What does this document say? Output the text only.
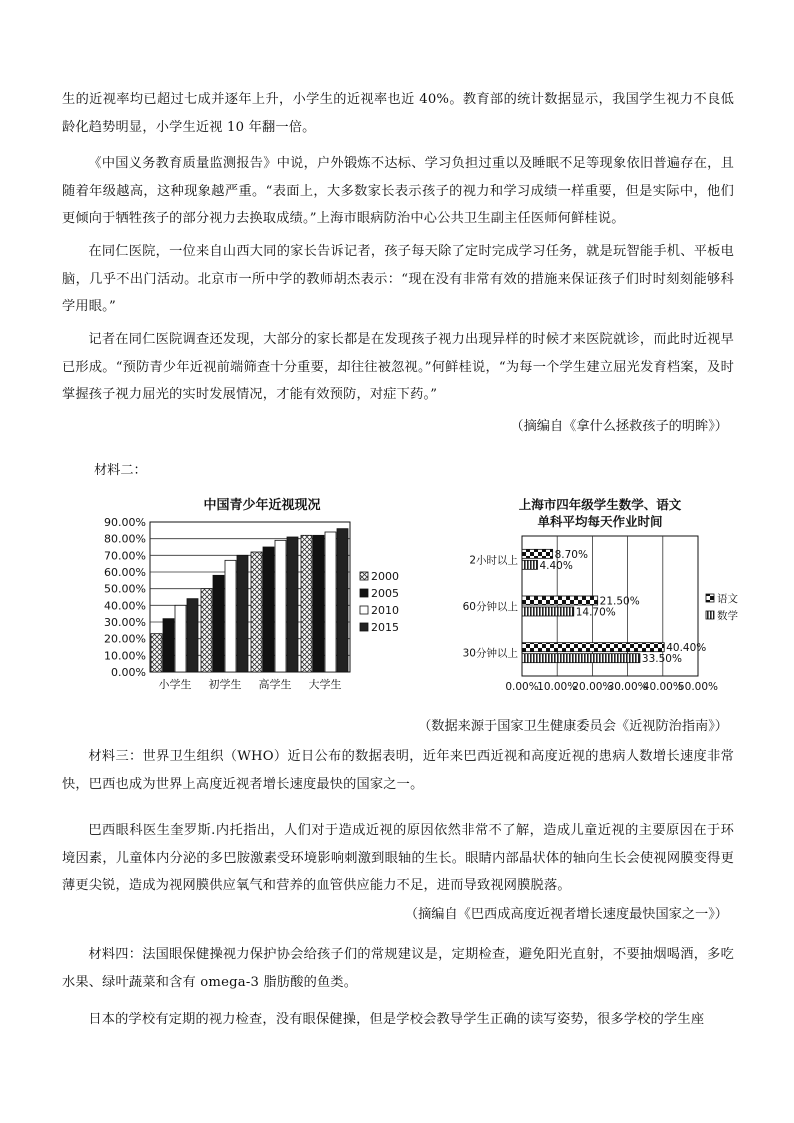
生的近视率均已超过七成并逐年上升，小学生的近视率也近 40%。教育部的统计数据显示，我国学生视力不良低龄化趋势明显，小学生近视 10 年翻一倍。
《中国义务教育质量监测报告》中说，户外锻炼不达标、学习负担过重以及睡眠不足等现象依旧普遍存在，且随着年级越高，这种现象越严重。“表面上，大多数家长表示孩子的视力和学习成绩一样重要，但是实际中，他们更倾向于牺牲孩子的部分视力去换取成绩。”上海市眼病防治中心公共卫生副主任医师何鲜桂说。
在同仁医院，一位来自山西大同的家长告诉记者，孩子每天除了定时完成学习任务，就是玩智能手机、平板电脑，几乎不出门活动。北京市一所中学的教师胡杰表示：“现在没有非常有效的措施来保证孩子们时时刻刻能够科学用眼。”
记者在同仁医院调查还发现，大部分的家长都是在发现孩子视力出现异样的时候才来医院就诊，而此时近视早已形成。“预防青少年近视前端筛查十分重要，却往往被忽视。”何鲜桂说，“为每一个学生建立屈光发育档案，及时掌握孩子视力屈光的实时发展情况，才能有效预防，对症下药。”
（摘编自《拿什么拯救孩子的明眸》）
材料二：
中国青少年近视现况
0.00%
10.00%
20.00%
30.00%
40.00%
50.00%
60.00%
70.00%
80.00%
90.00%
小学生 初学生 高学生 大学生
2000
2005
2010
2015
上海市四年级学生数学、语文
单科平均每天作业时间
0.00%
10.00%
20.00%
30.00%
40.00%
50.00%
2小时以上	8.70%
4.40%
60分钟以上	21.50%
14.70%
30分钟以上	40.40%
33.50%
语文
数学
（数据来源于国家卫生健康委员会《近视防治指南》）
材料三：世界卫生组织（WHO）近日公布的数据表明，近年来巴西近视和高度近视的患病人数增长速度非常快，巴西也成为世界上高度近视者增长速度最快的国家之一。
巴西眼科医生奎罗斯.内托指出，人们对于造成近视的原因依然非常不了解，造成儿童近视的主要原因在于环境因素，儿童体内分泌的多巴胺激素受环境影响刺激到眼轴的生长。眼睛内部晶状体的轴向生长会使视网膜变得更薄更尖锐，造成为视网膜供应氧气和营养的血管供应能力不足，进而导致视网膜脱落。
（摘编自《巴西成高度近视者增长速度最快国家之一》）
材料四：法国眼保健操视力保护协会给孩子们的常规建议是，定期检查，避免阳光直射，不要抽烟喝酒，多吃水果、绿叶蔬菜和含有 omega-3 脂肪酸的鱼类。
日本的学校有定期的视力检查，没有眼保健操，但是学校会教导学生正确的读写姿势，很多学校的学生座
